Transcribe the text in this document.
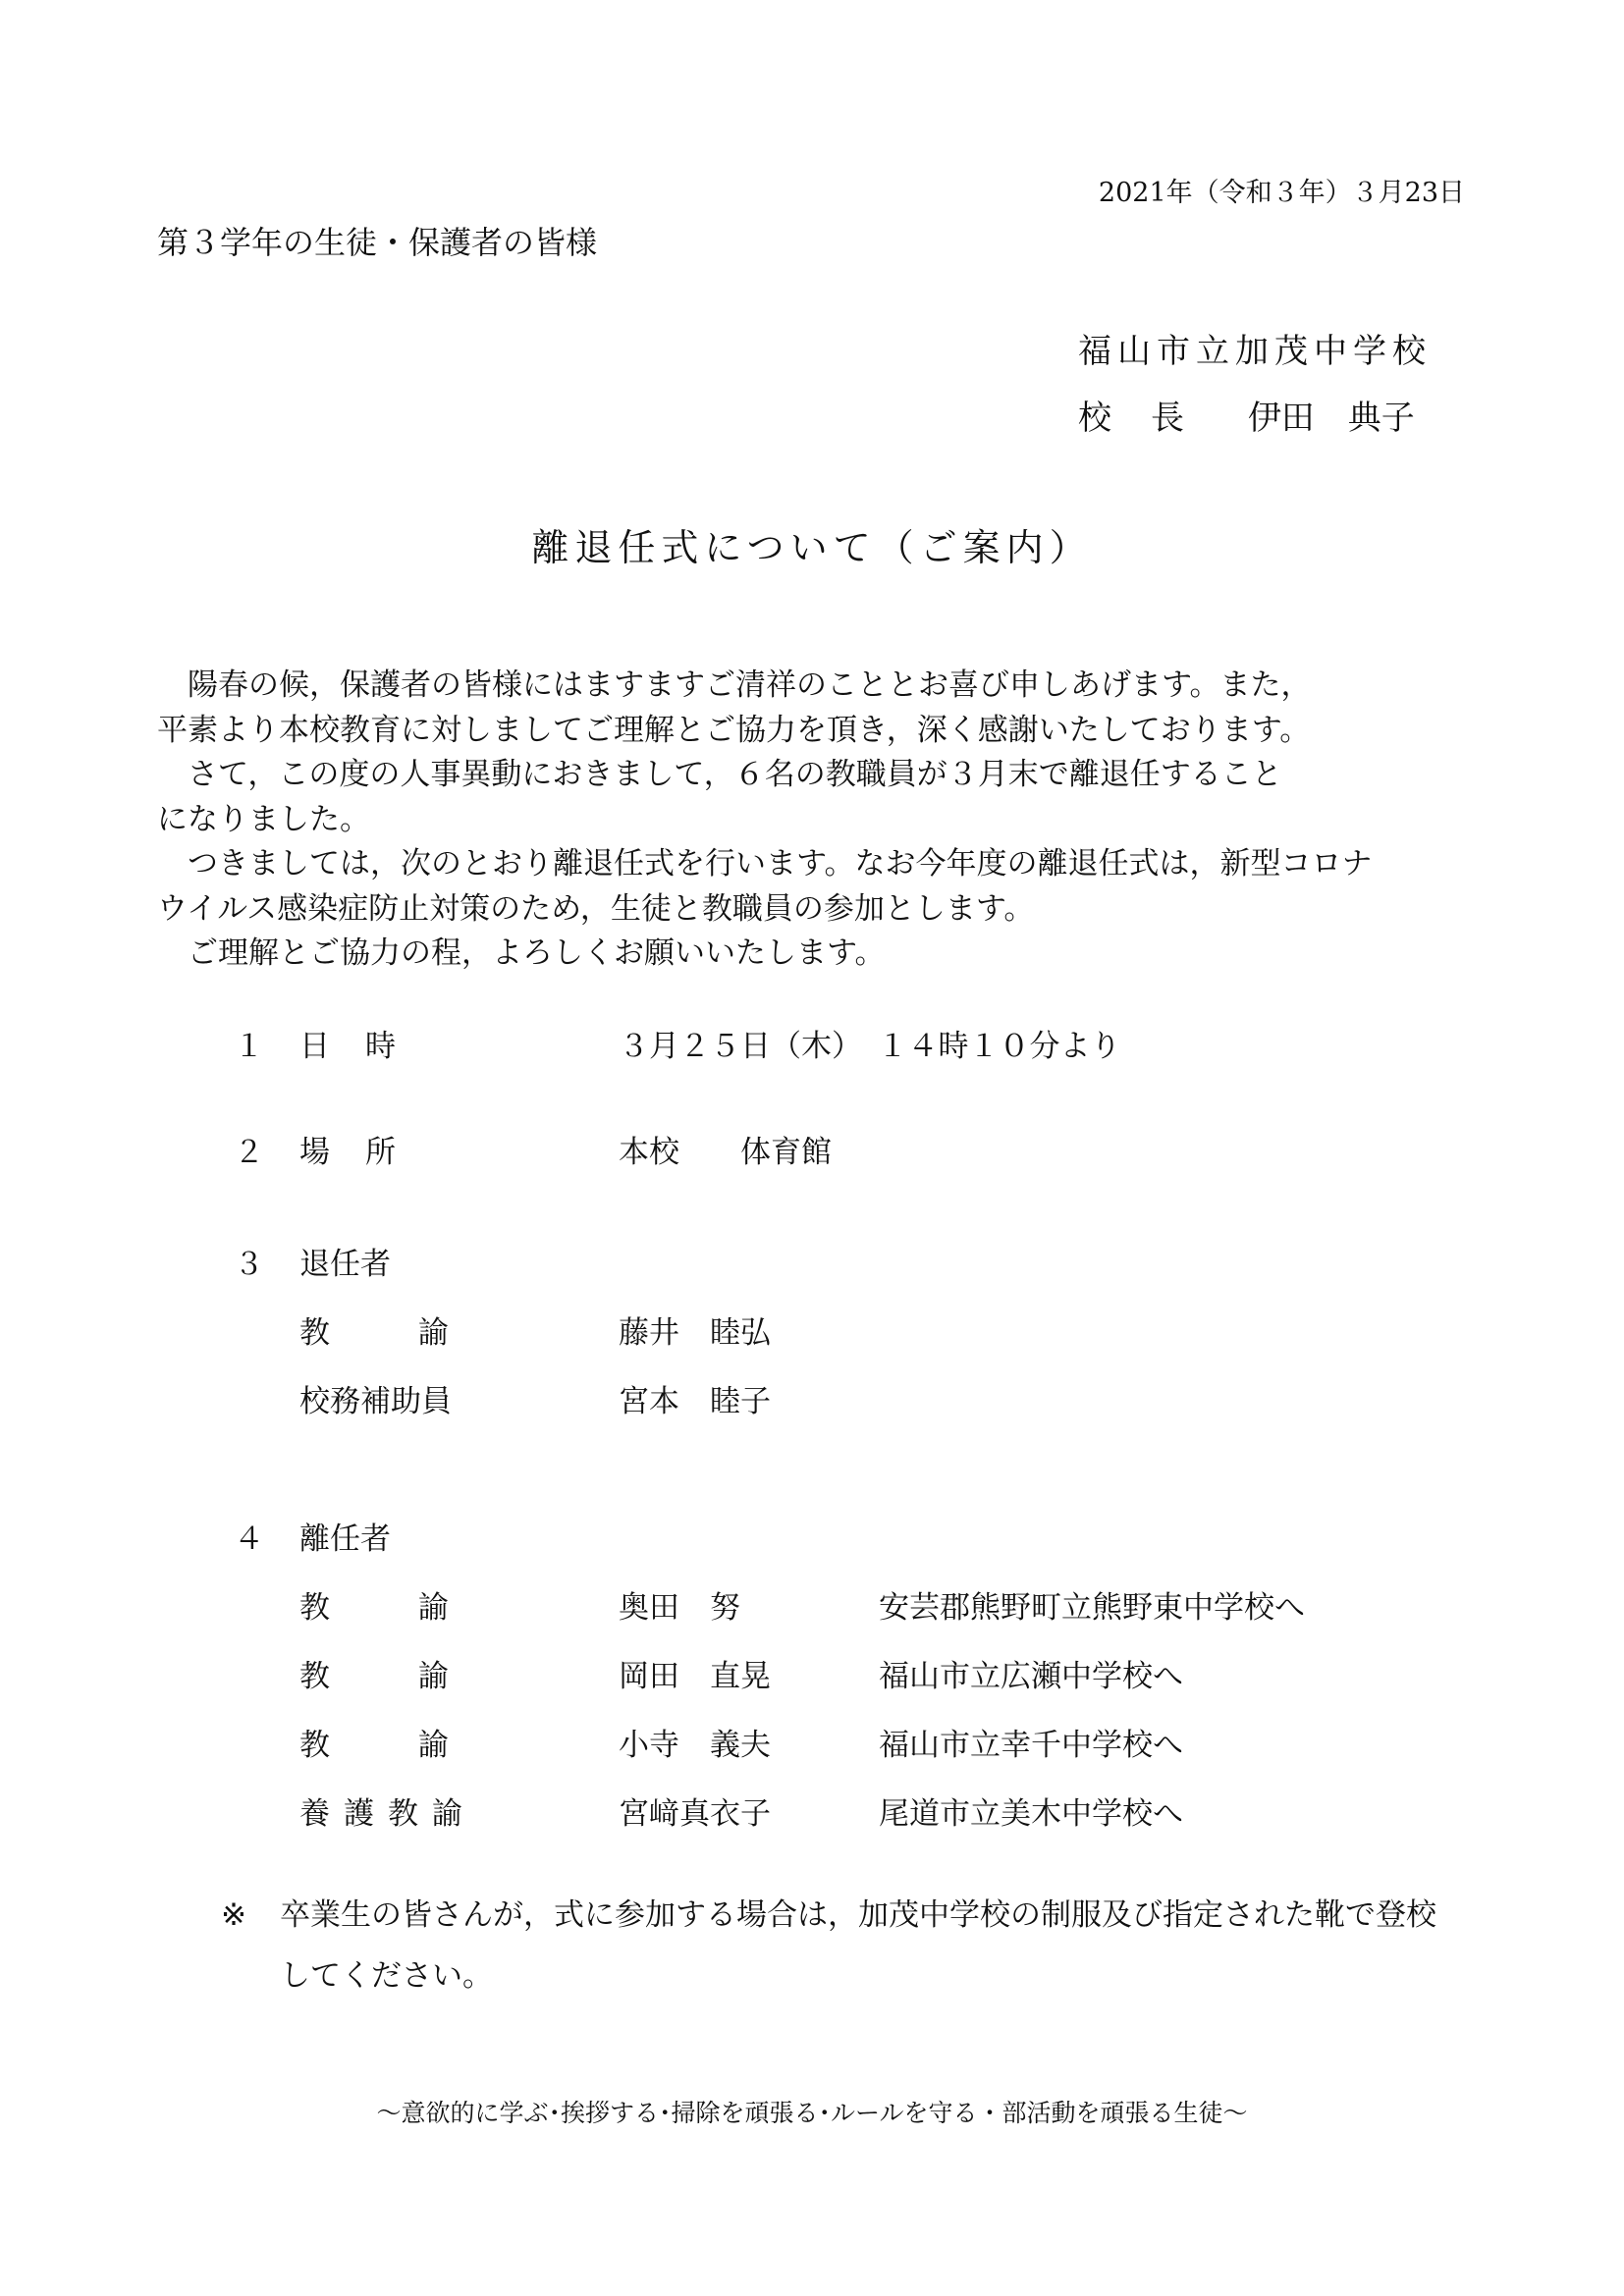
2021年（令和３年）３月23日
第３学年の生徒・保護者の皆様
福山市立加茂中学校
校長 伊田　典子
離退任式について（ご案内）

　陽春の候，保護者の皆様にはますますご清祥のこととお喜び申しあげます。また，

平素より本校教育に対しましてご理解とご協力を頂き，深く感謝いたしております。

　さて，この度の人事異動におきまして，６名の教職員が３月末で離退任すること

になりました。

　つきましては，次のとおり離退任式を行います。なお今年度の離退任式は，新型コロナ

ウイルス感染症防止対策のため，生徒と教職員の参加とします。

　ご理解とご協力の程，よろしくお願いいたします。

１ 日時	３月２５日（木）　１４時１０分より
２ 場所	本校　　体育館
３ 退任者
教諭	藤井　睦弘
校務補助員	宮本　睦子
４ 離任者
教諭	奥田　努	安芸郡熊野町立熊野東中学校へ
教諭	岡田　直晃	福山市立広瀬中学校へ
教諭	小寺　義夫	福山市立幸千中学校へ
養護教諭	宮﨑真衣子	尾道市立美木中学校へ
※ 卒業生の皆さんが，式に参加する場合は，加茂中学校の制服及び指定された靴で登校
してください。
～意欲的に学ぶ･挨拶する･掃除を頑張る･ルールを守る・部活動を頑張る生徒～
